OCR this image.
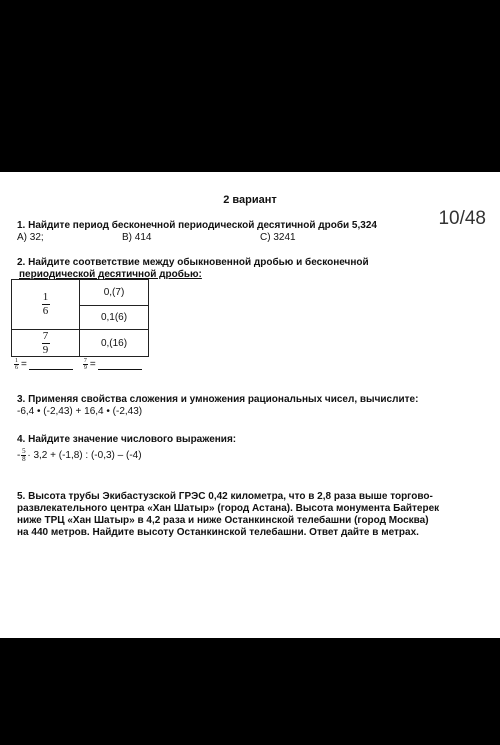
10/48
2 вариант
1. Найдите период бесконечной периодической десятичной дроби 5,324
А) 32;	В) 414	С) 3241
2. Найдите соответствие между обыкновенной дробью и бесконечной
периодической десятичной дробью:
$\frac{1}{6}$	0,(7)
	0,1(6)

$\frac{7}{9}$	0,(16)
$\frac{1}{6}$ =	$\frac{7}{9}$ =
3. Применяя свойства сложения и умножения рациональных чисел, вычислите:
-6,4 • (-2,43) + 16,4 • (-2,43)
4. Найдите значение числового выражения:
- $\frac{5}{8} \cdot 3,2 + (-1,8)$ : (-0,3) – (-4)
5. Высота трубы Экибастузской ГРЭС 0,42 километра, что в 2,8 раза выше торгово-
развлекательного центра «Хан Шатыр» (город Астана). Высота монумента Байтерек
ниже ТРЦ «Хан Шатыр» в 4,2 раза и ниже Останкинской телебашни (город Москва)
на 440 метров. Найдите высоту Останкинской телебашни. Ответ дайте в метрах.
